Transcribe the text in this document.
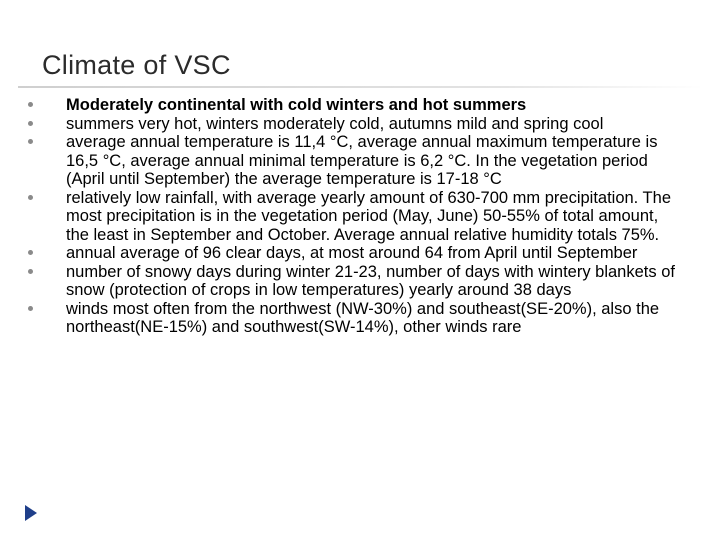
Climate of VSC
Moderately continental with cold winters and hot summers
summers very hot, winters moderately cold, autumns mild and spring cool
average annual temperature is 11,4 °C, average annual maximum temperature is 16,5 °C, average annual minimal temperature is 6,2 °C. In the vegetation period (April until September) the average temperature is 17-18 °C
relatively low rainfall, with average yearly amount of 630-700 mm precipitation. The most precipitation is in the vegetation period (May, June) 50-55% of total amount, the least in September and October. Average annual relative humidity totals 75%.
annual average of 96 clear days, at most around 64 from April until September
number of snowy days during winter 21-23, number of days with wintery blankets of snow (protection of crops in low temperatures) yearly around 38 days
winds most often from the northwest (NW-30%) and southeast(SE-20%), also the northeast(NE-15%) and southwest(SW-14%), other winds rare
